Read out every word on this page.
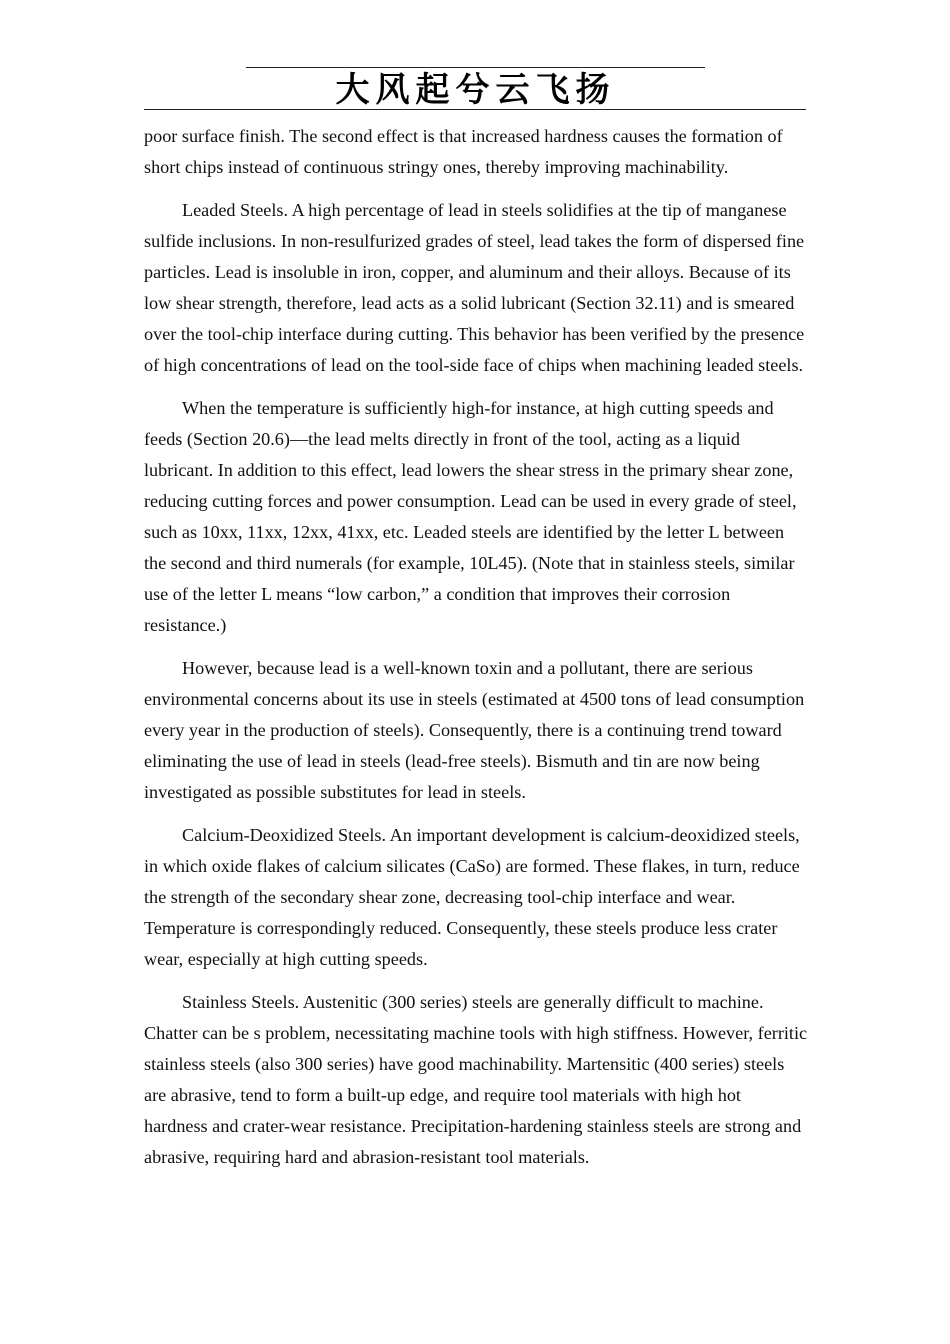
大风起兮云飞扬

poor surface finish. The second effect is that increased hardness causes the formation of short chips instead of continuous stringy ones, thereby improving machinability.

Leaded Steels. A high percentage of lead in steels solidifies at the tip of manganese sulfide inclusions. In non-resulfurized grades of steel, lead takes the form of dispersed fine particles. Lead is insoluble in iron, copper, and aluminum and their alloys. Because of its low shear strength, therefore, lead acts as a solid lubricant (Section 32.11) and is smeared over the tool-chip interface during cutting. This behavior has been verified by the presence of high concentrations of lead on the tool-side face of chips when machining leaded steels.

When the temperature is sufficiently high-for instance, at high cutting speeds and feeds (Section 20.6)—the lead melts directly in front of the tool, acting as a liquid lubricant. In addition to this effect, lead lowers the shear stress in the primary shear zone, reducing cutting forces and power consumption. Lead can be used in every grade of steel, such as 10xx, 11xx, 12xx, 41xx, etc. Leaded steels are identified by the letter L between the second and third numerals (for example, 10L45). (Note that in stainless steels, similar use of the letter L means “low carbon,” a condition that improves their corrosion resistance.)

However, because lead is a well-known toxin and a pollutant, there are serious environmental concerns about its use in steels (estimated at 4500 tons of lead consumption every year in the production of steels). Consequently, there is a continuing trend toward eliminating the use of lead in steels (lead-free steels). Bismuth and tin are now being investigated as possible substitutes for lead in steels.

Calcium-Deoxidized Steels. An important development is calcium-deoxidized steels, in which oxide flakes of calcium silicates (CaSo) are formed. These flakes, in turn, reduce the strength of the secondary shear zone, decreasing tool-chip interface and wear. Temperature is correspondingly reduced. Consequently, these steels produce less crater wear, especially at high cutting speeds.

Stainless Steels. Austenitic (300 series) steels are generally difficult to machine. Chatter can be s problem, necessitating machine tools with high stiffness. However, ferritic stainless steels (also 300 series) have good machinability. Martensitic (400 series) steels are abrasive, tend to form a built-up edge, and require tool materials with high hot hardness and crater-wear resistance. Precipitation-hardening stainless steels are strong and abrasive, requiring hard and abrasion-resistant tool materials.
